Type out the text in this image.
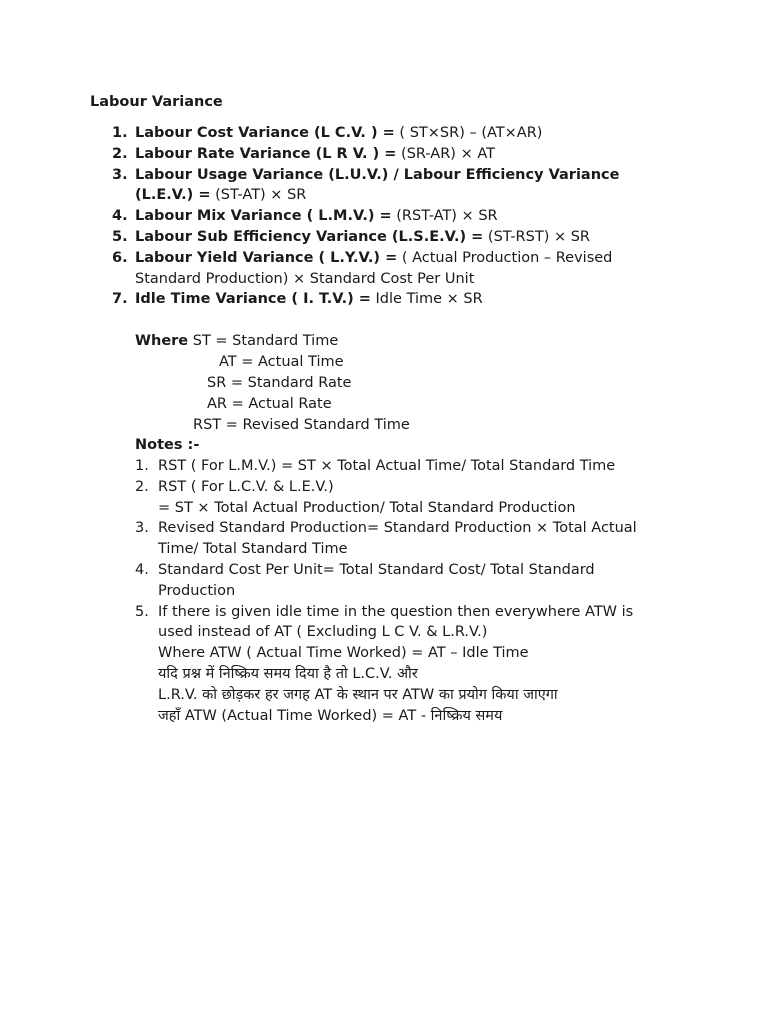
Labour Variance
1. Labour Cost Variance (L C.V. ) = ( ST×SR) – (AT×AR)
2. Labour Rate Variance (L R V. ) = (SR-AR) × AT
3. Labour Usage Variance (L.U.V.) / Labour Efficiency Variance (L.E.V.) = (ST-AT) × SR
4. Labour Mix Variance ( L.M.V.) = (RST-AT) × SR
5. Labour Sub Efficiency Variance (L.S.E.V.) = (ST-RST) × SR
6. Labour Yield Variance ( L.Y.V.) = ( Actual Production – Revised Standard Production) × Standard Cost Per Unit
7. Idle Time Variance ( I. T.V.) = Idle Time × SR
Where ST = Standard Time
AT = Actual Time
SR = Standard Rate
AR = Actual Rate
RST = Revised Standard Time
Notes :-
1. RST ( For L.M.V.) = ST × Total Actual Time/ Total Standard Time
2. RST ( For L.C.V. & L.E.V.)
= ST × Total Actual Production/ Total Standard Production
3. Revised Standard Production= Standard Production × Total Actual
Time/ Total Standard Time
4. Standard Cost Per Unit= Total Standard Cost/ Total Standard
Production
5. If there is given idle time in the question then everywhere ATW is
used instead of AT ( Excluding L C V. & L.R.V.)
Where ATW ( Actual Time Worked) = AT – Idle Time
यदि प्रश्न में निष्क्रिय समय दिया है तो L.C.V. और
L.R.V. को छोड़कर हर जगह AT के स्थान पर ATW का प्रयोग किया जाएगा
जहाँ ATW (Actual Time Worked) = AT - निष्क्रिय समय
